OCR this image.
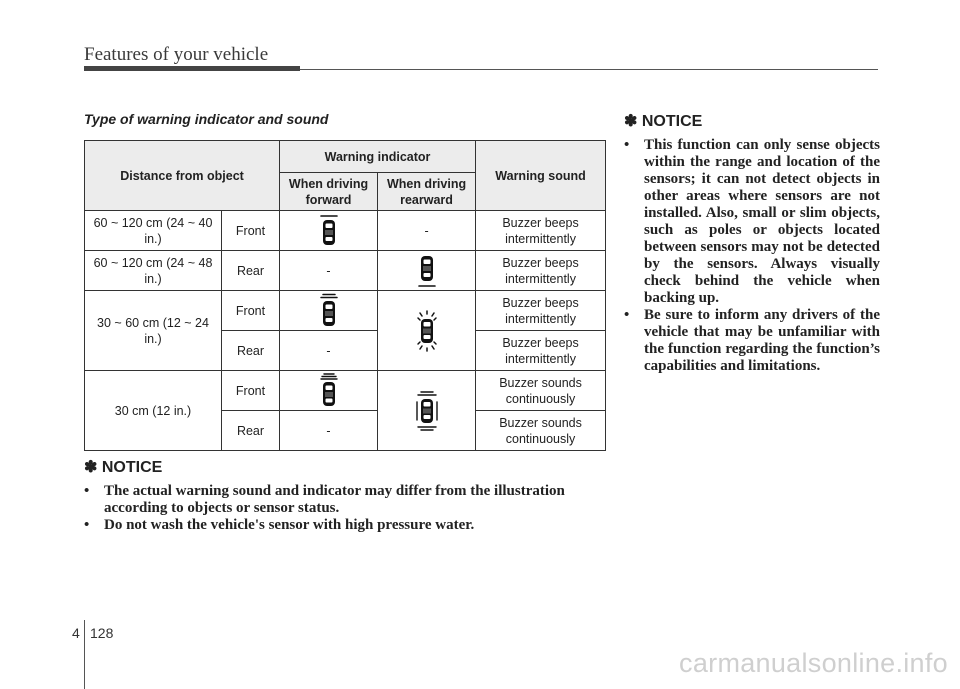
Features of your vehicle
Type of warning indicator and sound
Distance from object		Warning indicator		Warning sound
		When driving forward	When driving rearward	
60 ~ 120 cm (24 ~ 40 in.)	Front		-	Buzzer beeps intermittently
60 ~ 120 cm (24 ~ 48 in.)	Rear	-		Buzzer beeps intermittently
30 ~ 60 cm (12 ~ 24 in.)	Front			Buzzer beeps intermittently
	Rear	-		Buzzer beeps intermittently
30 cm (12 in.)	Front			Buzzer sounds continuously
	Rear	-		Buzzer sounds continuously
✽ NOTICE
• The actual warning sound and indicator may differ from the illustration according to objects or sensor status.
• Do not wash the vehicle's sensor with high pressure water.
✽ NOTICE
• This function can only sense objects within the range and location of the sensors; it can not detect objects in other areas where sensors are not installed. Also, small or slim objects, such as poles or objects located between sensors may not be detected by the sensors. Always visually check behind the vehicle when backing up.
• Be sure to inform any drivers of the vehicle that may be unfamiliar with the function regarding the function’s capabilities and limitations.
4 128
carmanualsonline.info
